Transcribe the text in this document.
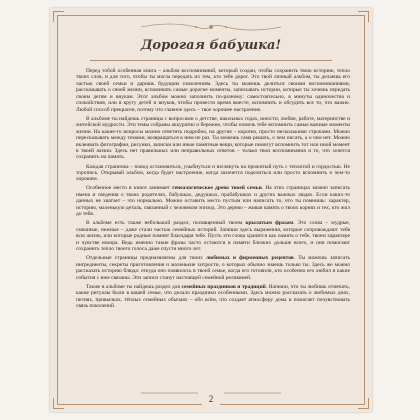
Дорогая бабушка!

Перед тобой особенная книга – альбом воспоминаний, который создан, чтобы сохранить твою историю, тепло твоих слов, и для того, чтобы ты могла передать их тем, кто тебе дорог. Это твой личный альбом, ты делаешь его частью своей семьи и даришь будущим поколениям. Здесь ты можешь делиться своими воспоминаниями, рассказывать о своей жизни, вспоминать самые дорогие моменты, записывать истории, которые ты хочешь передать своим детям и внукам. Этот альбом можно заполнить по-разному: самостоятельно, в минуты одиночества и спокойствия, или в кругу детей и внуков, чтобы провести время вместе, вспомнить и обсудить все то, что важно. Любой способ прекрасен, потому что главное здесь – твое хорошее настроение.

В альбоме ты найдешь страницы с вопросами о детстве, школьных годах, юности, любви, работе, материнстве и житейской мудрости. Эти темы собраны аккуратно и бережно, чтобы помочь тебе вспомнить самые важные моменты жизни. На какие-то вопросы можно ответить подробно, на другие – коротко, просто несколькими строками. Можно пересказывать между темами, возвращаться к ним не раз. Ты можешь сама решать, о чем писать, а о чем нет. Можно вклеивать фотографии, рисунки, записки или иные памятные вещи, которые помогут вспомнить тот или иной момент в твоей жизни. Здесь нет правильных или неправильных ответов – только твои воспоминания и то, что хочется сохранить на память.

Каждая страничка – повод остановиться, улыбнуться и взглянуть на прожитый путь с теплотой и гордостью. Не торопись. Открывай альбом, когда будет настроение, когда захочется поделиться или просто вспомнить о чем-то хорошем.

Особенное место в книге занимает генеалогическое древо твоей семьи. На этих страницах можно записать имена и сведения о твоих родителях, бабушках, дедушках, прабабушках и других важных людях. Если каких-то данных не хватает – это нормально. Можно оставить место пустым или написать то, что ты помнишь: характер, историю, маленькую деталь, связанный с человеком эпизод. Это дерево – живая память о твоих корнях и тех, кто жил до тебя.

В альбоме есть также небольшой раздел, посвященный твоим крылатым фразам. Это слова – мудрые, смешные, нежные – даже стали частью семейных историй. Запиши здесь выражения, которые сопровождают тебя всю жизнь, или которые родные помнят благодаря тебе. Пусть эти слова хранятся как память о тебе, твоем характере и чувстве юмора. Ведь именно такие фразы часто остаются в памяти близких дольше всего, и они помогают сохранить тепло твоего голоса даже спустя много лет.

Отдельные страницы предназначены для твоих любимых и фирменных рецептов. Ты можешь записать ингредиенты, секреты приготовления и маленькие хитрости, о которых обычно знаешь только ты. Здесь же можно рассказать историю блюда: откуда оно появилось в твоей семье, когда его готовили, кто особенно его любил и какие события с ним связаны. Эти записи станут настоящей семейной реликвией.

Также в альбоме ты найдешь раздел для семейных праздников и традиций. Напиши, что ты любишь отмечать, какие ритуалы были в вашей семье, что делало праздники особенными. Здесь можно рассказать о любимых днях, песнях, привычках, тёплых семейных обычаях – обо всём, что создает атмосферу дома и помогает почувствовать связь поколений.

2
